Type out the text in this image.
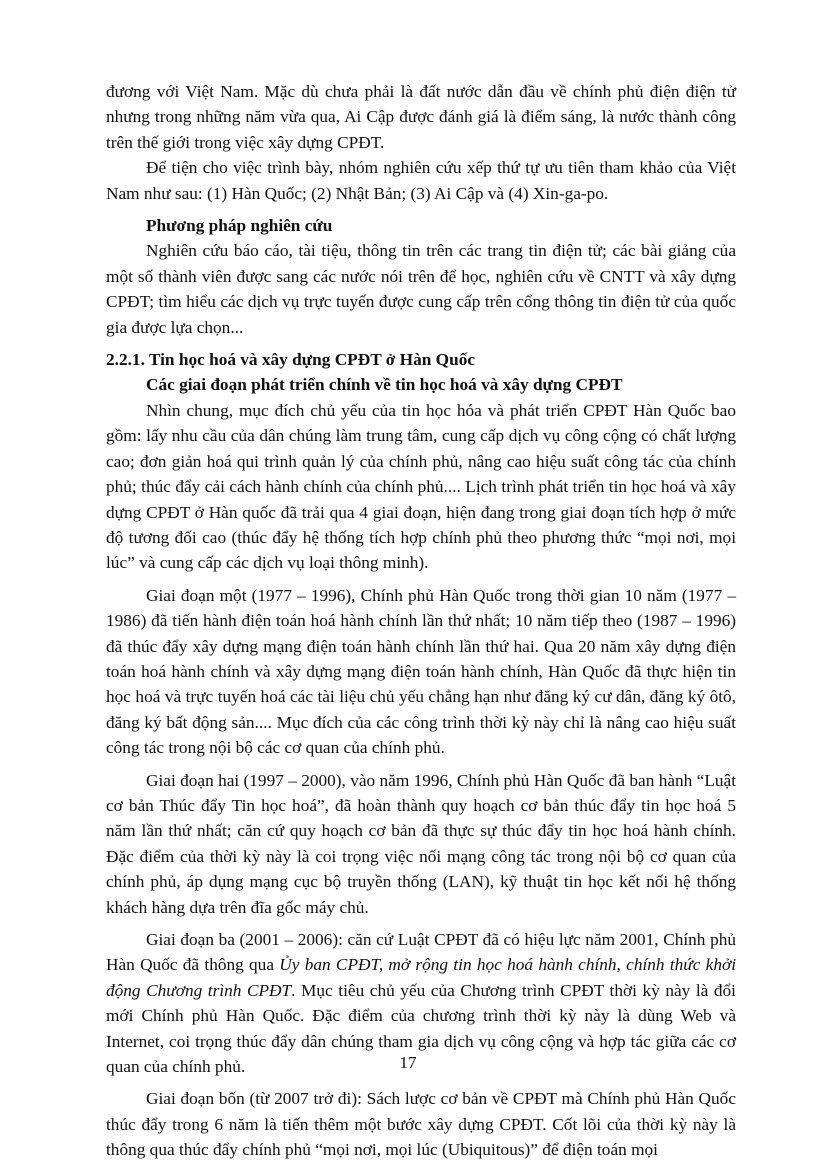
đương với Việt Nam. Mặc dù chưa phải là đất nước dẫn đầu về chính phủ điện điện tử nhưng trong những năm vừa qua, Ai Cập được đánh giá là điểm sáng, là nước thành công trên thế giới trong việc xây dựng CPĐT.

Để tiện cho việc trình bày, nhóm nghiên cứu xếp thứ tự ưu tiên tham khảo của Việt Nam như sau: (1) Hàn Quốc; (2) Nhật Bản; (3) Ai Cập và (4) Xin-ga-po.

Phương pháp nghiên cứu

Nghiên cứu báo cáo, tài tiệu, thông tin trên các trang tin điện tử; các bài giảng của một số thành viên được sang các nước nói trên để học, nghiên cứu về CNTT và xây dựng CPĐT; tìm hiểu các dịch vụ trực tuyến được cung cấp trên cổng thông tin điện tử của quốc gia được lựa chọn...

2.2.1. Tin học hoá và xây dựng CPĐT ở Hàn Quốc

Các giai đoạn phát triển chính về tin học hoá và xây dựng CPĐT

Nhìn chung, mục đích chủ yếu của tin học hóa và phát triển CPĐT Hàn Quốc bao gồm: lấy nhu cầu của dân chúng làm trung tâm, cung cấp dịch vụ công cộng có chất lượng cao; đơn giản hoá qui trình quản lý của chính phủ, nâng cao hiệu suất công tác của chính phủ; thúc đẩy cải cách hành chính của chính phủ.... Lịch trình phát triển tin học hoá và xây dựng CPĐT ở Hàn quốc đã trải qua 4 giai đoạn, hiện đang trong giai đoạn tích hợp ở mức độ tương đối cao (thúc đẩy hệ thống tích hợp chính phủ theo phương thức “mọi nơi, mọi lúc” và cung cấp các dịch vụ loại thông minh).

Giai đoạn một (1977 – 1996), Chính phủ Hàn Quốc trong thời gian 10 năm (1977 – 1986) đã tiến hành điện toán hoá hành chính lần thứ nhất; 10 năm tiếp theo (1987 – 1996) đã thúc đẩy xây dựng mạng điện toán hành chính lần thứ hai. Qua 20 năm xây dựng điện toán hoá hành chính và xây dựng mạng điện toán hành chính, Hàn Quốc đã thực hiện tin học hoá và trực tuyến hoá các tài liệu chủ yếu chẳng hạn như đăng ký cư dân, đăng ký ôtô, đăng ký bất động sản.... Mục đích của các công trình thời kỳ này chỉ là nâng cao hiệu suất công tác trong nội bộ các cơ quan của chính phủ.

Giai đoạn hai (1997 – 2000), vào năm 1996, Chính phủ Hàn Quốc đã ban hành “Luật cơ bản Thúc đẩy Tin học hoá”, đã hoàn thành quy hoạch cơ bản thúc đẩy tin học hoá 5 năm lần thứ nhất; căn cứ quy hoạch cơ bản đã thực sự thúc đẩy tin học hoá hành chính. Đặc điểm của thời kỳ này là coi trọng việc nối mạng công tác trong nội bộ cơ quan của chính phủ, áp dụng mạng cục bộ truyền thống (LAN), kỹ thuật tin học kết nối hệ thống khách hàng dựa trên đĩa gốc máy chủ.

Giai đoạn ba (2001 – 2006): căn cứ Luật CPĐT đã có hiệu lực năm 2001, Chính phủ Hàn Quốc đã thông qua Ủy ban CPĐT, mở rộng tin học hoá hành chính, chính thức khởi động Chương trình CPĐT. Mục tiêu chủ yếu của Chương trình CPĐT thời kỳ này là đổi mới Chính phủ Hàn Quốc. Đặc điểm của chương trình thời kỳ này là dùng Web và Internet, coi trọng thúc đẩy dân chúng tham gia dịch vụ công cộng và hợp tác giữa các cơ quan của chính phủ.

Giai đoạn bốn (từ 2007 trở đi): Sách lược cơ bản về CPĐT mà Chính phủ Hàn Quốc thúc đẩy trong 6 năm là tiến thêm một bước xây dựng CPĐT. Cốt lõi của thời kỳ này là thông qua thúc đẩy chính phủ “mọi nơi, mọi lúc (Ubiquitous)” để điện toán mọi

17
